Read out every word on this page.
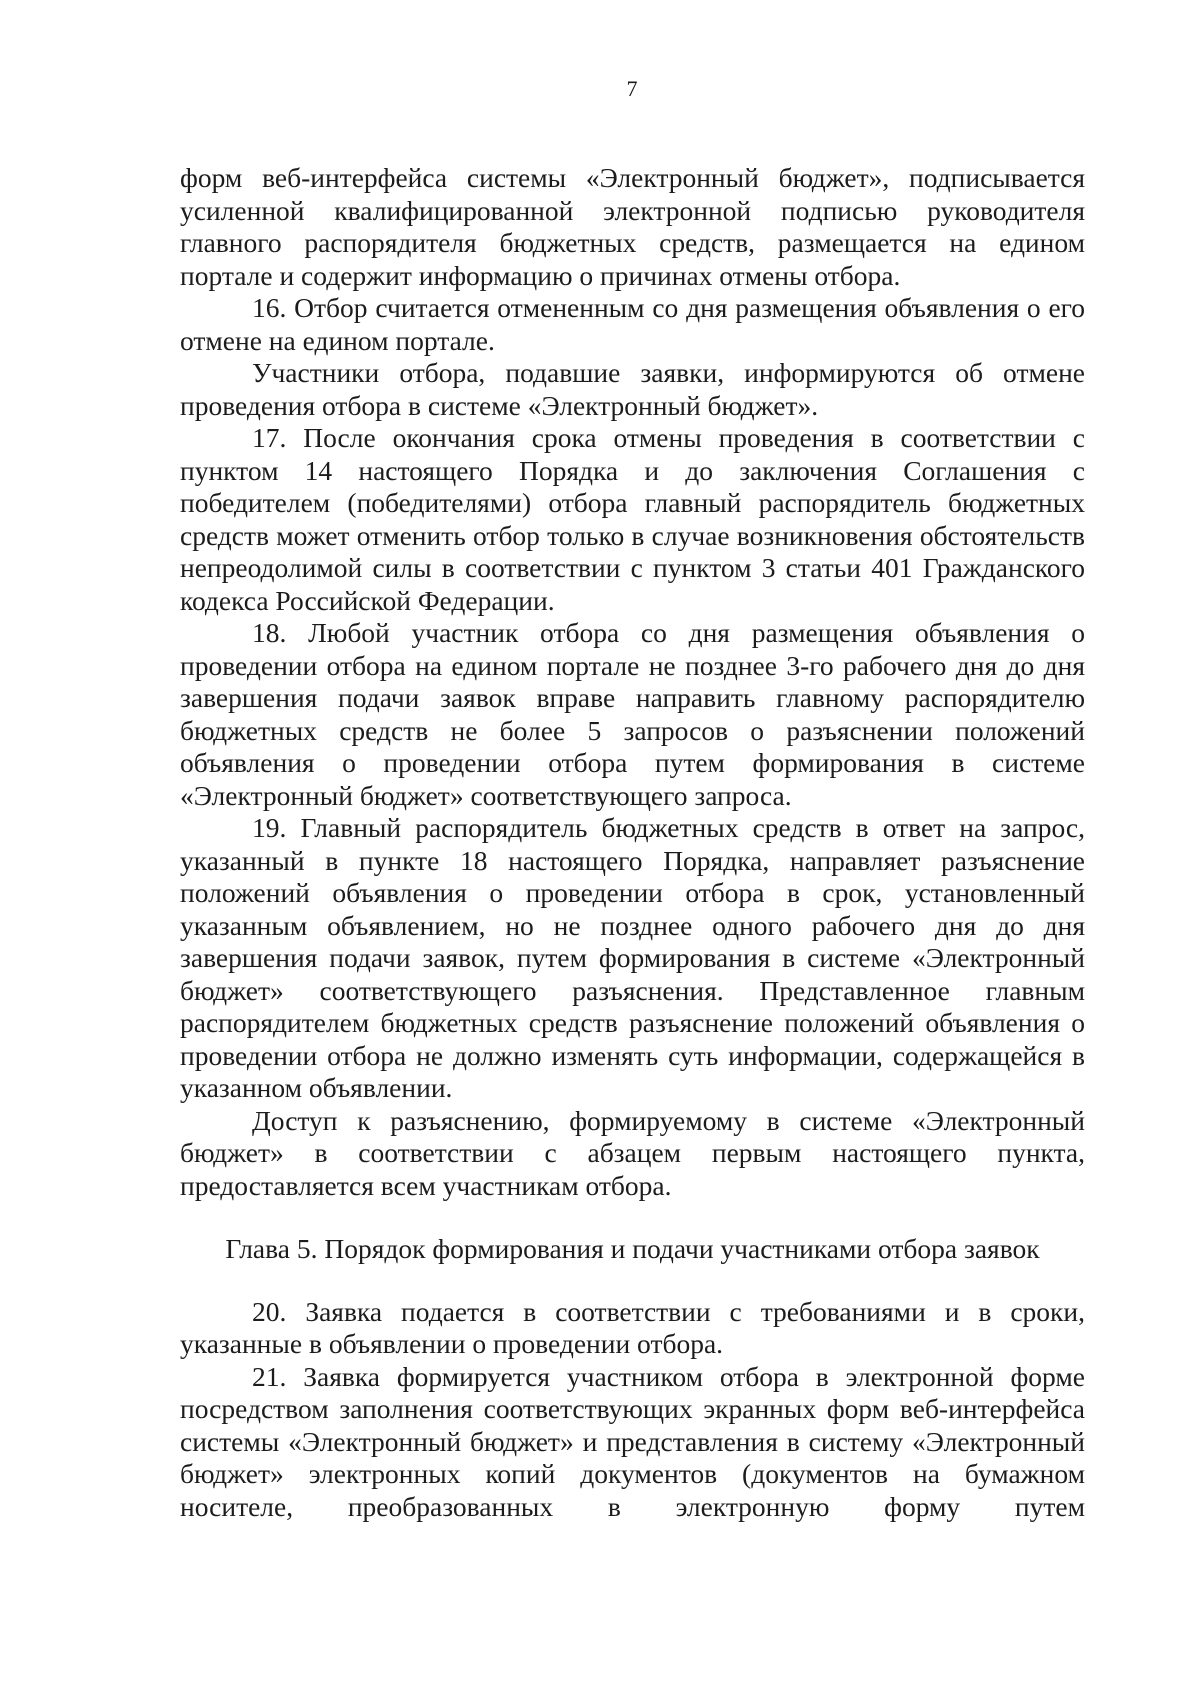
7

форм веб-интерфейса системы «Электронный бюджет», подписывается усиленной квалифицированной электронной подписью руководителя главного распорядителя бюджетных средств, размещается на едином портале и содержит информацию о причинах отмены отбора.

16. Отбор считается отмененным со дня размещения объявления о его отмене на едином портале.

Участники отбора, подавшие заявки, информируются об отмене проведения отбора в системе «Электронный бюджет».

17. После окончания срока отмены проведения в соответствии с пунктом 14 настоящего Порядка и до заключения Соглашения с победителем (победителями) отбора главный распорядитель бюджетных средств может отменить отбор только в случае возникновения обстоятельств непреодолимой силы в соответствии с пунктом 3 статьи 401 Гражданского кодекса Российской Федерации.

18. Любой участник отбора со дня размещения объявления о проведении отбора на едином портале не позднее 3-го рабочего дня до дня завершения подачи заявок вправе направить главному распорядителю бюджетных средств не более 5 запросов о разъяснении положений объявления о проведении отбора путем формирования в системе «Электронный бюджет» соответствующего запроса.

19. Главный распорядитель бюджетных средств в ответ на запрос, указанный в пункте 18 настоящего Порядка, направляет разъяснение положений объявления о проведении отбора в срок, установленный указанным объявлением, но не позднее одного рабочего дня до дня завершения подачи заявок, путем формирования в системе «Электронный бюджет» соответствующего разъяснения. Представленное главным распорядителем бюджетных средств разъяснение положений объявления о проведении отбора не должно изменять суть информации, содержащейся в указанном объявлении.

Доступ к разъяснению, формируемому в системе «Электронный бюджет» в соответствии с абзацем первым настоящего пункта, предоставляется всем участникам отбора.

Глава 5. Порядок формирования и подачи участниками отбора заявок

20. Заявка подается в соответствии с требованиями и в сроки, указанные в объявлении о проведении отбора.

21. Заявка формируется участником отбора в электронной форме посредством заполнения соответствующих экранных форм веб-интерфейса системы «Электронный бюджет» и представления в систему «Электронный бюджет» электронных копий документов (документов на бумажном носителе, преобразованных в электронную форму путем
